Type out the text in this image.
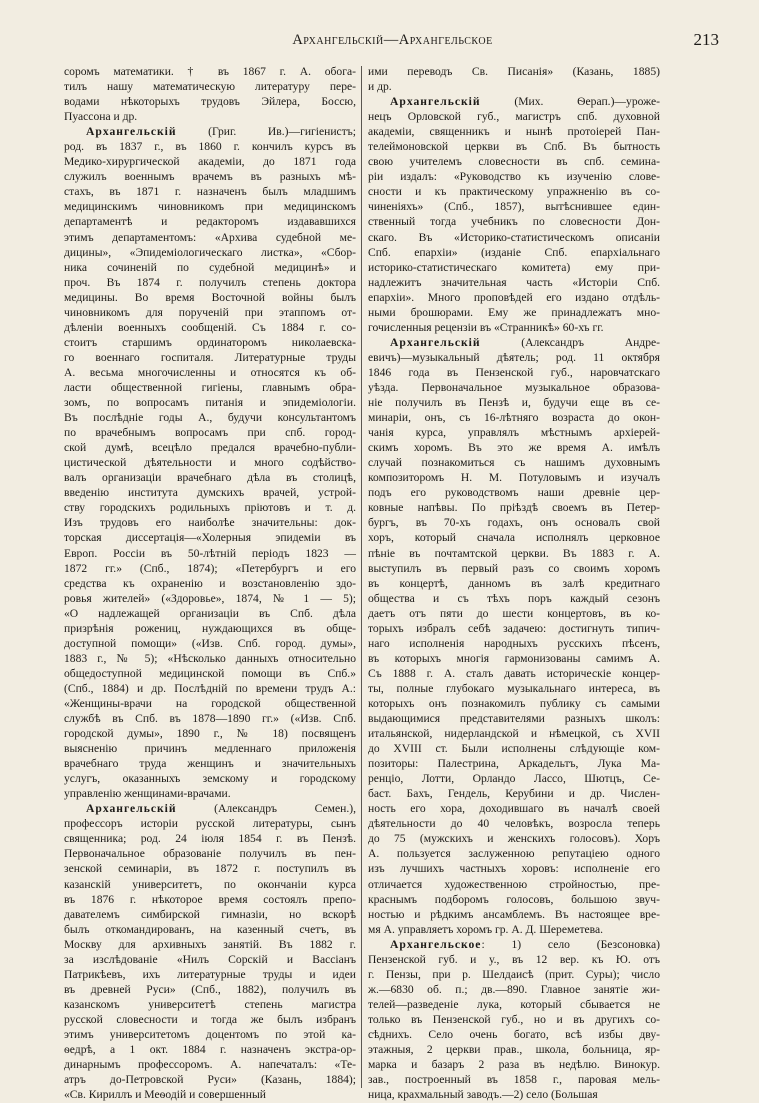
Архангельскій—Архангельское	213
соромъ математики. † въ 1867 г. А. обога-
тилъ нашу математическую литературу пере-
водами нѣкоторыхъ трудовъ Эйлера, Боссю,
Пуассона и др.
Архангельскій (Григ. Ив.)—гигіенистъ;
род. въ 1837 г., въ 1860 г. кончилъ курсъ въ
Медико-хирургической академіи, до 1871 года
служилъ военнымъ врачемъ въ разныхъ мѣ-
стахъ, въ 1871 г. назначенъ былъ младшимъ
медицинскимъ чиновникомъ при медицинскомъ
департаментѣ и редакторомъ издававшихся
этимъ департаментомъ: «Архива судебной ме-
дицины», «Эпидеміологическаго листка», «Сбор-
ника сочиненій по судебной медицинѣ» и
проч. Въ 1874 г. получилъ степень доктора
медицины. Во время Восточной войны былъ
чиновникомъ для порученій при этаппомъ от-
дѣленіи военныхъ сообщеній. Съ 1884 г. со-
стоитъ старшимъ ординаторомъ николаевска-
го военнаго госпиталя. Литературные труды
А. весьма многочисленны и относятся къ об-
ласти общественной гигіены, главнымъ обра-
зомъ, по вопросамъ питанія и эпидеміологіи.
Въ послѣдніе годы А., будучи консультантомъ
по врачебнымъ вопросамъ при спб. город-
ской думѣ, всецѣло предался врачебно-публи-
цистической дѣятельности и много содѣйство-
валъ организаціи врачебнаго дѣла въ столицѣ,
введенію института думскихъ врачей, устрой-
ству городскихъ родильныхъ пріютовъ и т. д.
Изъ трудовъ его наиболѣе значительны: док-
торская диссертація—«Холерныя эпидеміи въ
Европ. Россіи въ 50-лѣтній періодъ 1823 —
1872 гг.» (Спб., 1874); «Петербургъ и его
средства къ охраненію и возстановленію здо-
ровья жителей» («Здоровье», 1874, № 1 — 5);
«О надлежащей организаціи въ Спб. дѣла
призрѣнія рожениц, нуждающихся въ обще-
доступной помощи» («Изв. Спб. город. думы»,
1883 г., № 5); «Нѣсколько данныхъ относительно
общедоступной медицинской помощи въ Спб.»
(Спб., 1884) и др. Послѣдній по времени трудъ А.:
«Женщины-врачи на городской общественной
службѣ въ Спб. въ 1878—1890 гг.» («Изв. Спб.
городской думы», 1890 г., № 18) посвященъ
выясненію причинъ медленнаго приложенія
врачебнаго труда женщинъ и значительныхъ
услугъ, оказанныхъ земскому и городскому
управленію женщинами-врачами.
Архангельскій (Александръ Семен.),
профессоръ исторіи русской литературы, сынъ
священника; род. 24 іюля 1854 г. въ Пензѣ.
Первоначальное образованіе получилъ въ пен-
зенской семинаріи, въ 1872 г. поступилъ въ
казанскій университетъ, по окончаніи курса
въ 1876 г. нѣкоторое время состоялъ препо-
давателемъ симбирской гимназіи, но вскорѣ
былъ откомандированъ, на казенный счетъ, въ
Москву для архивныхъ занятій. Въ 1882 г.
за изслѣдованіе «Нилъ Сорскій и Вассіанъ
Патрикѣевъ, ихъ литературные труды и идеи
въ древней Руси» (Спб., 1882), получилъ въ
казанскомъ университетѣ степень магистра
русской словесности и тогда же былъ избранъ
этимъ университетомъ доцентомъ по этой ка-
ѳедрѣ, а 1 окт. 1884 г. назначенъ экстра-ор-
динарнымъ профессоромъ. А. напечаталъ: «Те-
атръ до-Петровской Руси» (Казань, 1884);
«Св. Кириллъ и Меѳодій и совершенный
ими переводъ Св. Писанія» (Казань, 1885)
и др.
Архангельскій (Мих. Ѳерап.)—уроже-
нецъ Орловской губ., магистръ спб. духовной
академіи, священникъ и нынѣ протоіерей Пан-
телеймоновской церкви въ Спб. Въ бытность
свою учителемъ словесности въ спб. семина-
ріи издалъ: «Руководство къ изученію слове-
сности и къ практическому упражненію въ со-
чиненіяхъ» (Спб., 1857), вытѣснившее един-
ственный тогда учебникъ по словесности Дон-
скаго. Въ «Историко-статистическомъ описаніи
Спб. епархіи» (изданіе Спб. епархіальнаго
историко-статистическаго комитета) ему при-
надлежитъ значительная часть «Исторіи Спб.
епархіи». Много проповѣдей его издано отдѣль-
ными брошюрами. Ему же принадлежатъ мно-
гочисленныя рецензіи въ «Странникѣ» 60-хъ гг.
Архангельскій (Александръ Андре-
евичъ)—музыкальный дѣятель; род. 11 октября
1846 года въ Пензенской губ., наровчатскаго
уѣзда. Первоначальное музыкальное образова-
ніе получилъ въ Пензѣ и, будучи еще въ се-
минаріи, онъ, съ 16-лѣтняго возраста до окон-
чанія курса, управлялъ мѣстнымъ архіерей-
скимъ хоромъ. Въ это же время А. имѣлъ
случай познакомиться съ нашимъ духовнымъ
композиторомъ Н. М. Потуловымъ и изучалъ
подъ его руководствомъ наши древніе цер-
ковные напѣвы. По пріѣздѣ своемъ въ Петер-
бургъ, въ 70-хъ годахъ, онъ основалъ свой
хоръ, который сначала исполнялъ церковное
пѣніе въ почтамтской церкви. Въ 1883 г. А.
выступилъ въ первый разъ со своимъ хоромъ
въ концертѣ, данномъ въ залѣ кредитнаго
общества и съ тѣхъ поръ каждый сезонъ
даетъ отъ пяти до шести концертовъ, въ ко-
торыхъ избралъ себѣ задачею: достигнуть типич-
наго исполненія народныхъ русскихъ пѣсенъ,
въ которыхъ многія гармонизованы самимъ А.
Съ 1888 г. А. сталъ давать историческіе концер-
ты, полные глубокаго музыкальнаго интереса, въ
которыхъ онъ познакомилъ публику съ самыми
выдающимися представителями разныхъ школъ:
итальянской, нидерландской и нѣмецкой, съ XVII
до XVIII ст. Были исполнены слѣдующіе ком-
позиторы: Палестрина, Аркадельтъ, Лука Ма-
ренціо, Лотти, Орландо Лассо, Шютцъ, Се-
баст. Бахъ, Гендель, Керубини и др. Числен-
ность его хора, доходившаго въ началѣ своей
дѣятельности до 40 человѣкъ, возросла теперь
до 75 (мужскихъ и женскихъ голосовъ). Хоръ
А. пользуется заслуженною репутаціею одного
изъ лучшихъ частныхъ хоровъ: исполненіе его
отличается художественною стройностью, пре-
краснымъ подборомъ голосовъ, большою звуч-
ностью и рѣдкимъ ансамблемъ. Въ настоящее вре-
мя А. управляетъ хоромъ гр. А. Д. Шереметева.
Архангельское: 1) село (Безсоновка)
Пензенской губ. и у., въ 12 вер. къ Ю. отъ
г. Пензы, при р. Шелдаисѣ (прит. Суры); число
ж.—6830 об. п.; дв.—890. Главное занятіе жи-
телей—разведеніе лука, который сбывается не
только въ Пензенской губ., но и въ другихъ со-
сѣднихъ. Село очень богато, всѣ избы дву-
этажныя, 2 церкви прав., школа, больница, яр-
марка и базаръ 2 раза въ недѣлю. Винокур.
зав., построенный въ 1858 г., паровая мель-
ница, крахмальный заводъ.—2) село (Большая
